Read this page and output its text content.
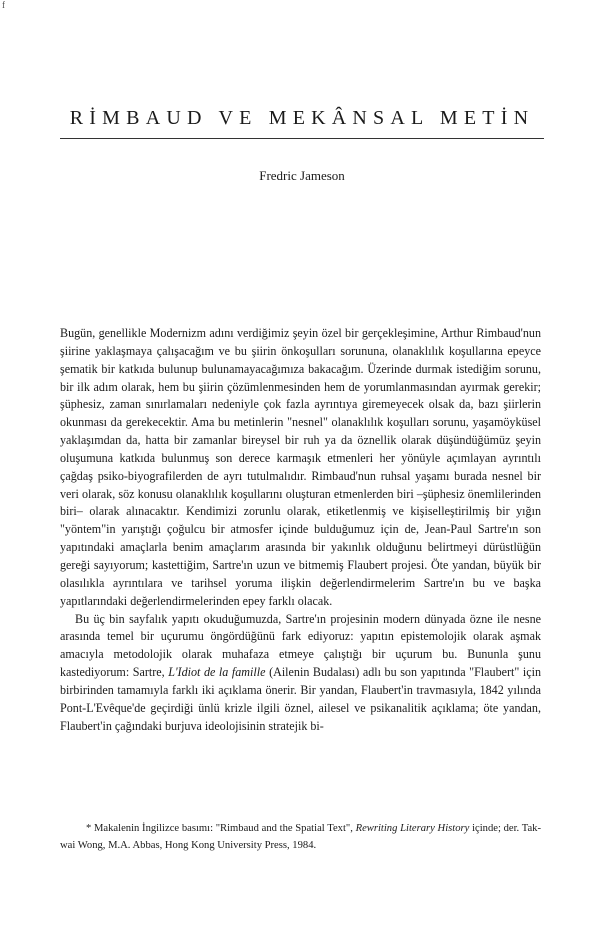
f
RİMBAUD VE MEKÂNSAL METİN
Fredric Jameson

Bugün, genellikle Modernizm adını verdiğimiz şeyin özel bir gerçekleşimine, Arthur Rimbaud'nun şiirine yaklaşmaya çalışacağım ve bu şiirin önkoşulları sorununa, olanaklılık koşullarına epeyce şematik bir katkıda bulunup bulunamayacağımıza bakacağım. Üzerinde durmak istediğim sorunu, bir ilk adım olarak, hem bu şiirin çözümlenmesinden hem de yorumlanmasından ayırmak gerekir; şüphesiz, zaman sınırlamaları nedeniyle çok fazla ayrıntıya giremeyecek olsak da, bazı şiirlerin okunması da gerekecektir. Ama bu metinlerin "nesnel" olanaklılık koşulları sorunu, yaşamöyküsel yaklaşımdan da, hatta bir zamanlar bireysel bir ruh ya da öznellik olarak düşündüğümüz şeyin oluşumuna katkıda bulunmuş son derece karmaşık etmenleri her yönüyle açımlayan ayrıntılı çağdaş psiko-biyografilerden de ayrı tutulmalıdır. Rimbaud'nun ruhsal yaşamı burada nesnel bir veri olarak, söz konusu olanaklılık koşullarını oluşturan etmenlerden biri –şüphesiz önemlilerinden biri– olarak alınacaktır. Kendimizi zorunlu olarak, etiketlenmiş ve kişiselleştirilmiş bir yığın "yöntem"in yarıştığı çoğulcu bir atmosfer içinde bulduğumuz için de, Jean-Paul Sartre'ın son yapıtındaki amaçlarla benim amaçlarım arasında bir yakınlık olduğunu belirtmeyi dürüstlüğün gereği sayıyorum; kastettiğim, Sartre'ın uzun ve bitmemiş Flaubert projesi. Öte yandan, büyük bir olasılıkla ayrıntılara ve tarihsel yoruma ilişkin değerlendirmelerim Sartre'ın bu ve başka yapıtlarındaki değerlendirmelerinden epey farklı olacak.

Bu üç bin sayfalık yapıtı okuduğumuzda, Sartre'ın projesinin modern dünyada özne ile nesne arasında temel bir uçurumu öngördüğünü fark ediyoruz: yapıtın epistemolojik olarak aşmak amacıyla metodolojik olarak muhafaza etmeye çalıştığı bir uçurum bu. Bununla şunu kastediyorum: Sartre, L'Idiot de la famille (Ailenin Budalası) adlı bu son yapıtında "Flaubert" için birbirinden tamamıyla farklı iki açıklama önerir. Bir yandan, Flaubert'in travmasıyla, 1842 yılında Pont-L'Evêque'de geçirdiği ünlü krizle ilgili öznel, ailesel ve psikanalitik açıklama; öte yandan, Flaubert'in çağındaki burjuva ideolojisinin stratejik bi-

* Makalenin İngilizce basımı: "Rimbaud and the Spatial Text", Rewriting Literary History içinde; der. Tak-wai Wong, M.A. Abbas, Hong Kong University Press, 1984.
